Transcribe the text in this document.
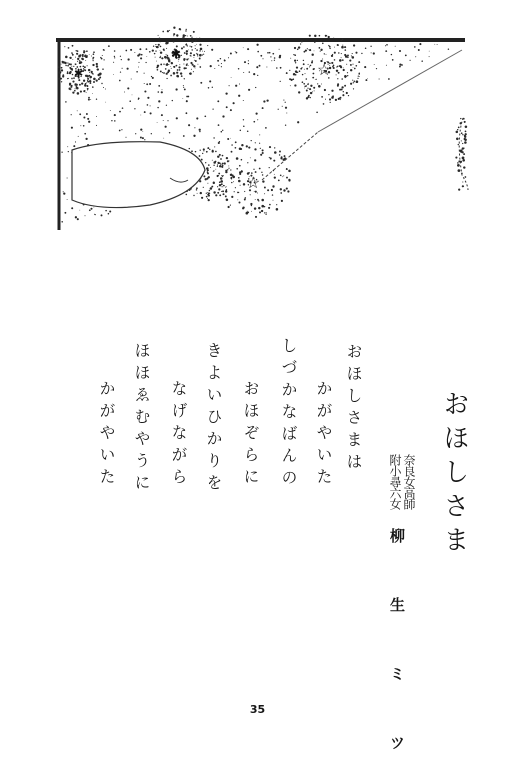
☆
☆
✱
✱
おほしさま
奈良女高師
附小尋六女
柳 生 ミ ツ
おほしさまは
かがやいた
しづかなばんの
おほぞらに
きよいひかりを
なげながら
ほほゑむやうに
かがやいた
35
